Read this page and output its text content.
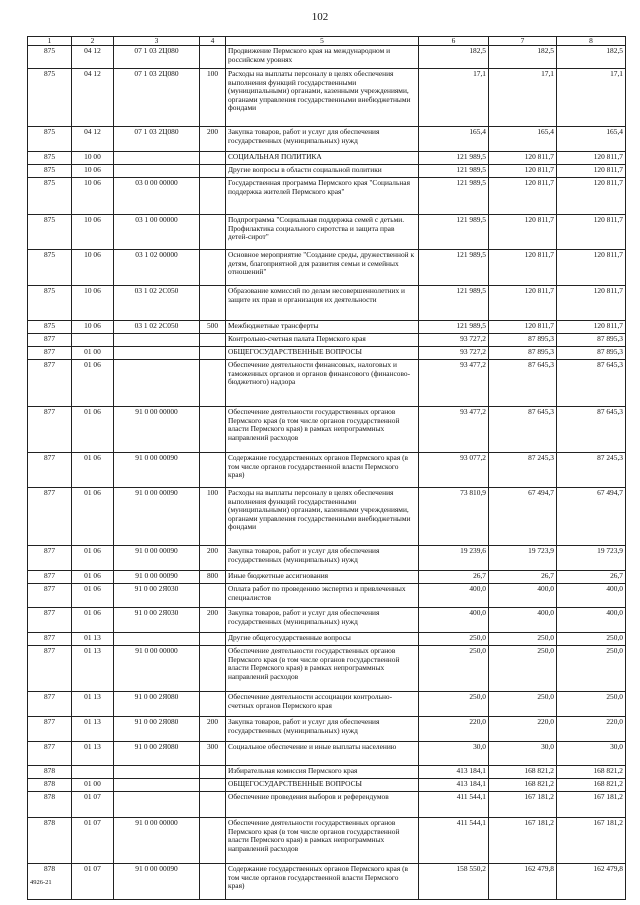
102
1	2	3	4	5	6	7	8
875	04 12	07 1 03 2Ц080		Продвижение Пермского края на международном и российском уровнях	182,5	182,5	182,5
875	04 12	07 1 03 2Ц080	100	Расходы на выплаты персоналу в целях обеспечения выполнения функций государственными (муниципальными) органами, казенными учреждениями, органами управления государственными внебюджетными фондами	17,1	17,1	17,1
875	04 12	07 1 03 2Ц080	200	Закупка товаров, работ и услуг для обеспечения государственных (муниципальных) нужд	165,4	165,4	165,4
875	10 00			СОЦИАЛЬНАЯ ПОЛИТИКА	121 989,5	120 811,7	120 811,7
875	10 06			Другие вопросы в области социальной политики	121 989,5	120 811,7	120 811,7
875	10 06	03 0 00 00000		Государственная программа Пермского края "Социальная поддержка жителей Пермского края"	121 989,5	120 811,7	120 811,7
875	10 06	03 1 00 00000		Подпрограмма "Социальная поддержка семей с детьми. Профилактика социального сиротства и защита прав детей-сирот"	121 989,5	120 811,7	120 811,7
875	10 06	03 1 02 00000		Основное мероприятие "Создание среды, дружественной к детям, благоприятной для развития семьи и семейных отношений"	121 989,5	120 811,7	120 811,7
875	10 06	03 1 02 2С050		Образование комиссий по делам несовершеннолетних и защите их прав и организация их деятельности	121 989,5	120 811,7	120 811,7
875	10 06	03 1 02 2С050	500	Межбюджетные трансферты	121 989,5	120 811,7	120 811,7
877				Контрольно-счетная палата Пермского края	93 727,2	87 895,3	87 895,3
877	01 00			ОБЩЕГОСУДАРСТВЕННЫЕ ВОПРОСЫ	93 727,2	87 895,3	87 895,3
877	01 06			Обеспечение деятельности финансовых, налоговых и таможенных органов и органов финансового (финансово-бюджетного) надзора	93 477,2	87 645,3	87 645,3
877	01 06	91 0 00 00000		Обеспечение деятельности государственных органов Пермского края (в том числе органов государственной власти Пермского края) в рамках непрограммных направлений расходов	93 477,2	87 645,3	87 645,3
877	01 06	91 0 00 00090		Содержание государственных органов Пермского края (в том числе органов государственной власти Пермского края)	93 077,2	87 245,3	87 245,3
877	01 06	91 0 00 00090	100	Расходы на выплаты персоналу в целях обеспечения выполнения функций государственными (муниципальными) органами, казенными учреждениями, органами управления государственными внебюджетными фондами	73 810,9	67 494,7	67 494,7
877	01 06	91 0 00 00090	200	Закупка товаров, работ и услуг для обеспечения государственных (муниципальных) нужд	19 239,6	19 723,9	19 723,9
877	01 06	91 0 00 00090	800	Иные бюджетные ассигнования	26,7	26,7	26,7
877	01 06	91 0 00 2Я030		Оплата работ по проведению экспертиз и привлеченных специалистов	400,0	400,0	400,0
877	01 06	91 0 00 2Я030	200	Закупка товаров, работ и услуг для обеспечения государственных (муниципальных) нужд	400,0	400,0	400,0
877	01 13			Другие общегосударственные вопросы	250,0	250,0	250,0
877	01 13	91 0 00 00000		Обеспечение деятельности государственных органов Пермского края (в том числе органов государственной власти Пермского края) в рамках непрограммных направлений расходов	250,0	250,0	250,0
877	01 13	91 0 00 2Я080		Обеспечение деятельности ассоциации контрольно-счетных органов Пермского края	250,0	250,0	250,0
877	01 13	91 0 00 2Я080	200	Закупка товаров, работ и услуг для обеспечения государственных (муниципальных) нужд	220,0	220,0	220,0
877	01 13	91 0 00 2Я080	300	Социальное обеспечение и иные выплаты населению	30,0	30,0	30,0
878				Избирательная комиссия Пермского края	413 184,1	168 821,2	168 821,2
878	01 00			ОБЩЕГОСУДАРСТВЕННЫЕ ВОПРОСЫ	413 184,1	168 821,2	168 821,2
878	01 07			Обеспечение проведения выборов и референдумов	411 544,1	167 181,2	167 181,2
878	01 07	91 0 00 00000		Обеспечение деятельности государственных органов Пермского края (в том числе органов государственной власти Пермского края) в рамках непрограммных направлений расходов	411 544,1	167 181,2	167 181,2
878	01 07	91 0 00 00090		Содержание государственных органов Пермского края (в том числе органов государственной власти Пермского края)	158 550,2	162 479,8	162 479,8
4926-21
